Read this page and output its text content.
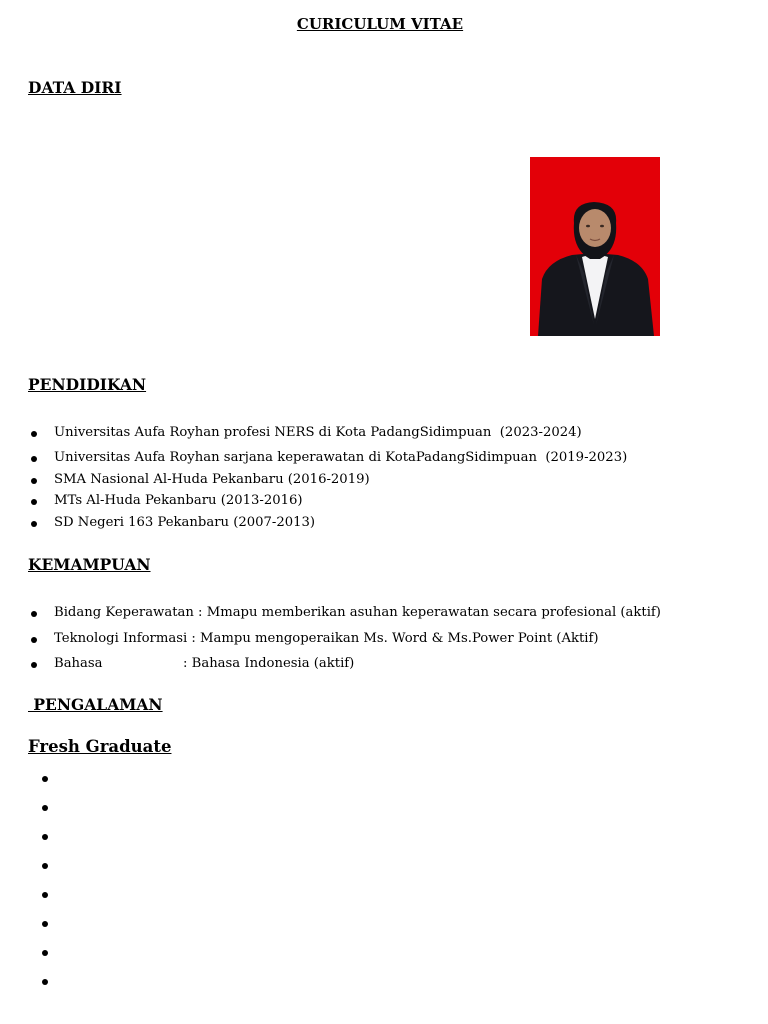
CURICULUM VITAE
DATA DIRI
PENDIDIKAN
Universitas Aufa Royhan profesi NERS di Kota PadangSidimpuan  (2023-2024)
Universitas Aufa Royhan sarjana keperawatan di KotaPadangSidimpuan  (2019-2023)
SMA Nasional Al-Huda Pekanbaru (2016-2019)
MTs Al-Huda Pekanbaru (2013-2016)
SD Negeri 163 Pekanbaru (2007-2013)
KEMAMPUAN
Bidang Keperawatan : Mmapu memberikan asuhan keperawatan secara profesional (aktif)
Teknologi Informasi : Mampu mengoperaikan Ms. Word & Ms.Power Point (Aktif)
Bahasa	: Bahasa Indonesia (aktif)
PENGALAMAN
Fresh Graduate
